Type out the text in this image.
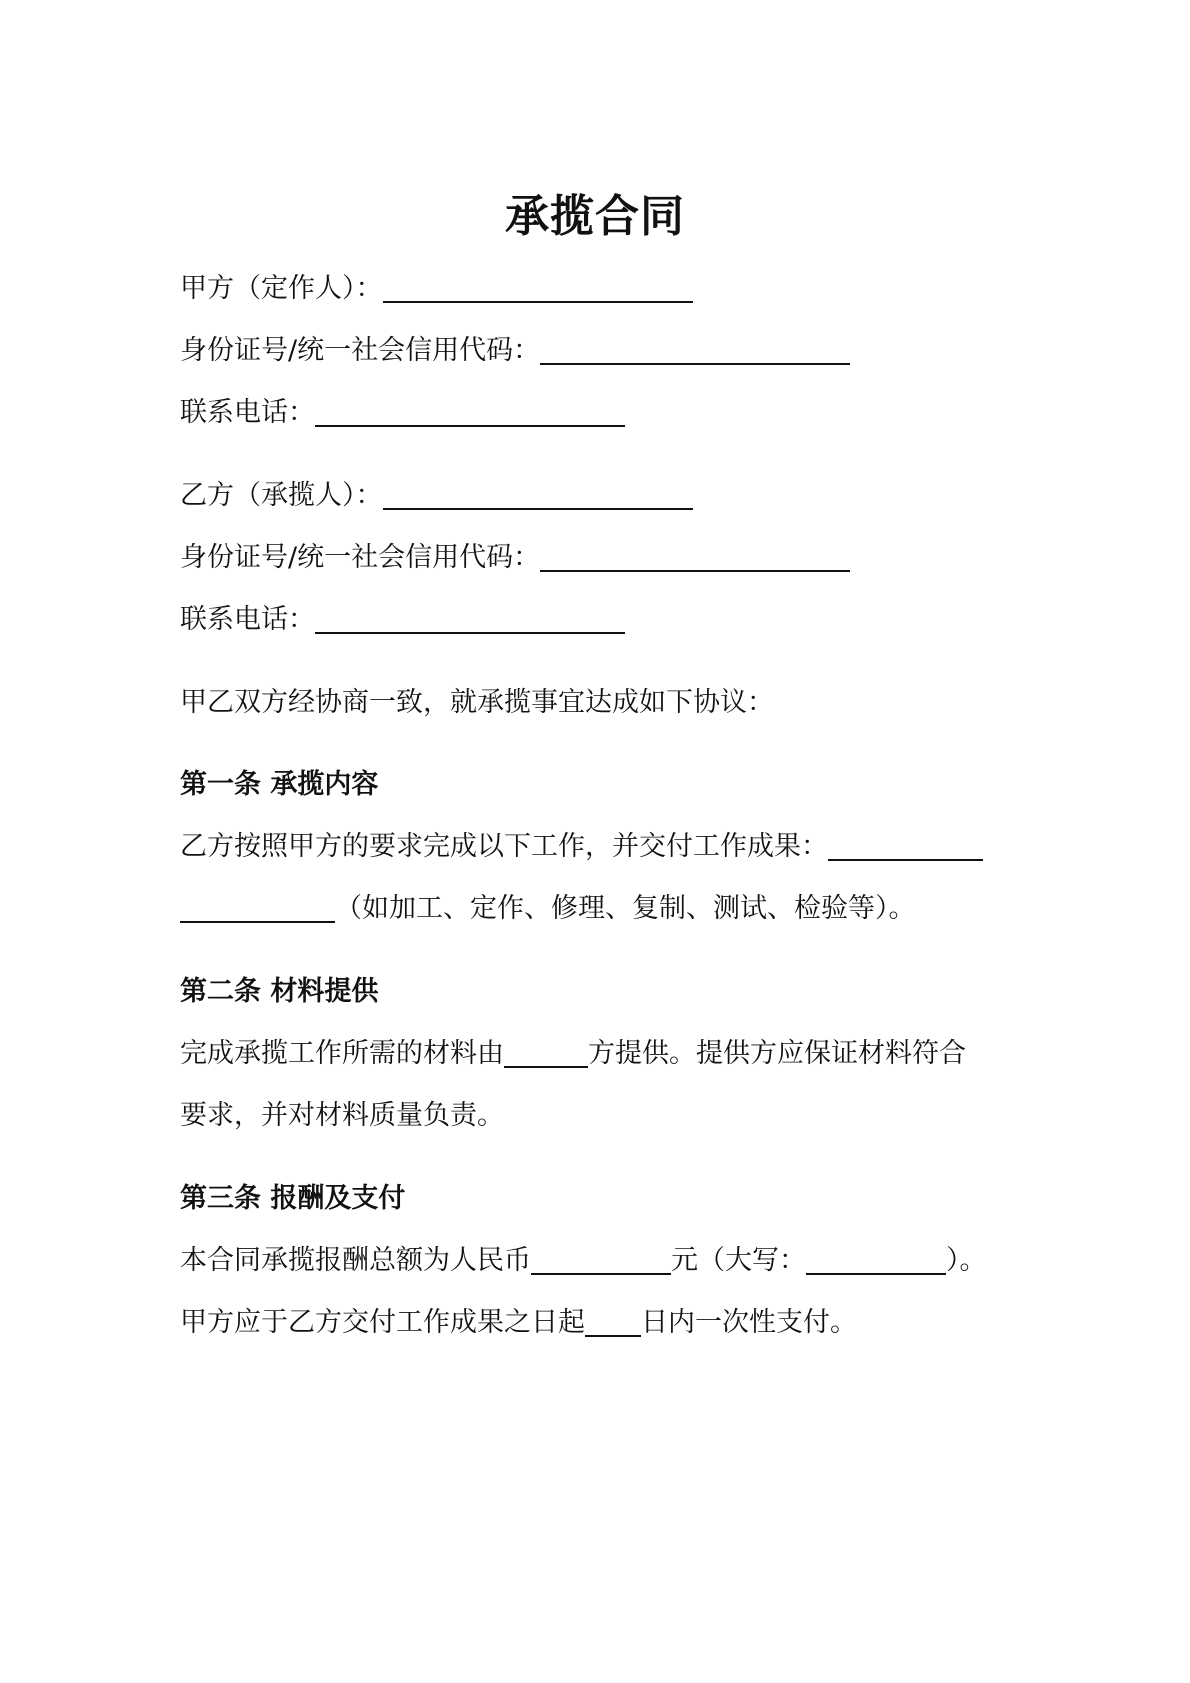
承揽合同
甲方（定作人）：
身份证号/统一社会信用代码：
联系电话：
乙方（承揽人）：
身份证号/统一社会信用代码：
联系电话：
甲乙双方经协商一致，就承揽事宜达成如下协议：
第一条 承揽内容
乙方按照甲方的要求完成以下工作，并交付工作成果：
（如加工、定作、修理、复制、测试、检验等）。
第二条 材料提供
完成承揽工作所需的材料由	方提供。提供方应保证材料符合
要求，并对材料质量负责。
第三条 报酬及支付
本合同承揽报酬总额为人民币	元（大写：	）。
甲方应于乙方交付工作成果之日起 日内一次性支付。
